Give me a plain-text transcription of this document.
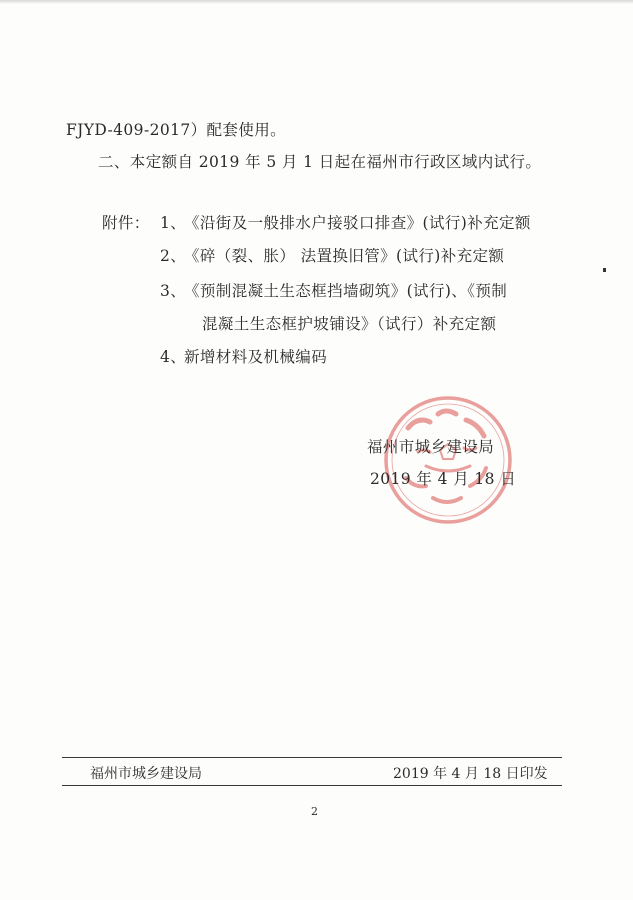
FJYD-409-2017）配套使用。
二、本定额自 2019 年 5 月 1 日起在福州市行政区域内试行。
附件： 1、
《沿街及一般排水户接驳口排查》(试行)补充定额
2、
《碎（裂、胀） 法置换旧管》(试行)补充定额
3、
《预制混凝土生态框挡墙砌筑》(试行)、《预制
混凝土生态框护坡铺设》（试行）补充定额
4、
新增材料及机械编码
福州市城乡建设局
2019 年 4 月 18 日
福州市城乡建设局	2019 年 4 月 18 日印发
2
